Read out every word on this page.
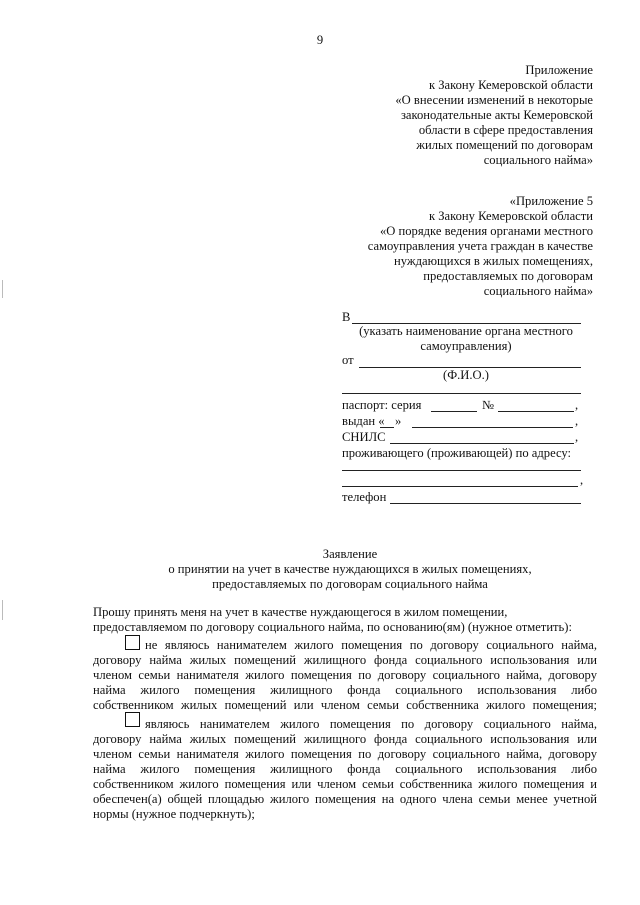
9
Приложение
к Закону Кемеровской области
«О внесении изменений в некоторые
законодательные акты Кемеровской
области в сфере предоставления
жилых помещений по договорам
социального найма»
«Приложение 5
к Закону Кемеровской области
«О порядке ведения органами местного
самоуправления учета граждан в качестве
нуждающихся в жилых помещениях,
предоставляемых по договорам
социального найма»
В
(указать наименование органа местного
самоуправления)
от
(Ф.И.О.)
паспорт: серия	№	,
выдан « »	,
СНИЛС	,
проживающего (проживающей) по адресу:
,
телефон
Заявление
о принятии на учет в качестве нуждающихся в жилых помещениях,
предоставляемых по договорам социального найма
Прошу принять меня на учет в качестве нуждающегося в жилом помещении,
предоставляемом по договору социального найма, по основанию(ям) (нужное отметить):
не являюсь нанимателем жилого помещения по договору социального найма,
договору найма жилых помещений жилищного фонда социального использования или
членом семьи нанимателя жилого помещения по договору социального найма, договору
найма жилого помещения жилищного фонда социального использования либо
собственником жилых помещений или членом семьи собственника жилого помещения;
являюсь нанимателем жилого помещения по договору социального найма,
договору найма жилых помещений жилищного фонда социального использования или
членом семьи нанимателя жилого помещения по договору социального найма, договору
найма жилого помещения жилищного фонда социального использования либо
собственником жилого помещения или членом семьи собственника жилого помещения и
обеспечен(а) общей площадью жилого помещения на одного члена семьи менее учетной
нормы (нужное подчеркнуть);
